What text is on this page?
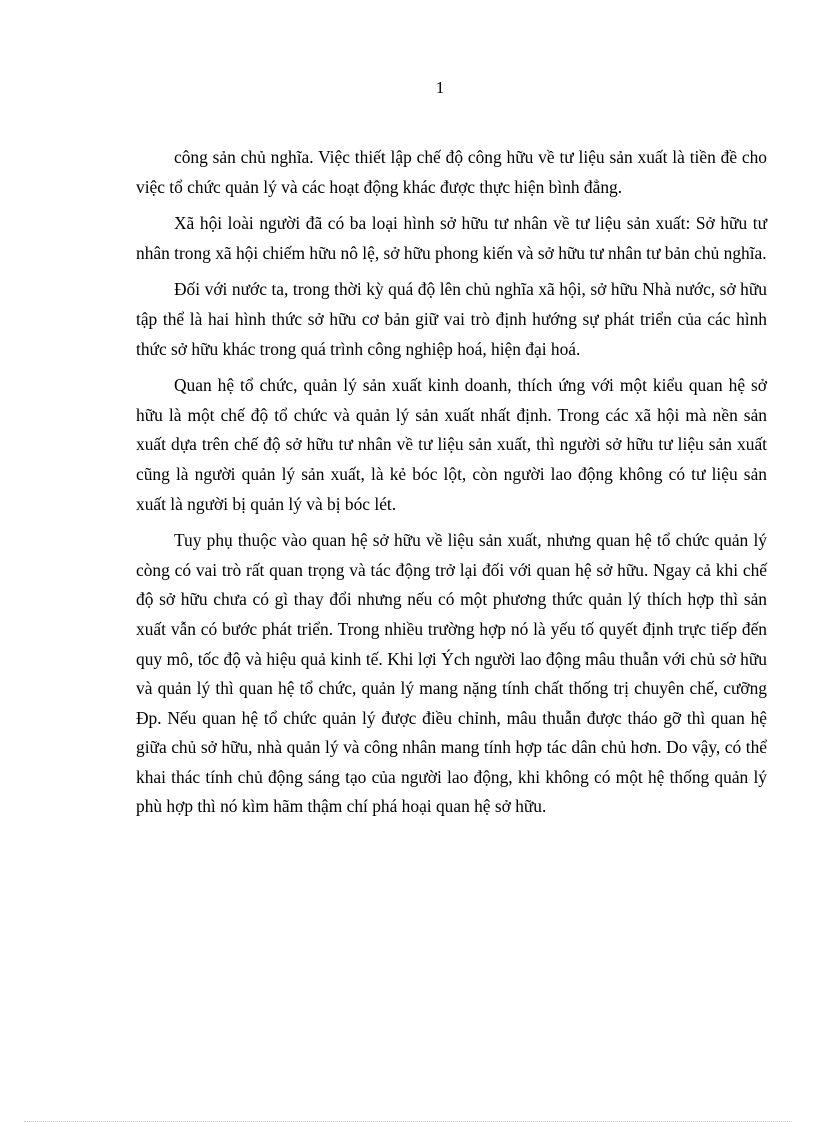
1

công sản chủ nghĩa. Việc thiết lập chế độ công hữu về tư liệu sản xuất là tiền đề cho việc tổ chức quản lý và các hoạt động khác được thực hiện bình đẳng.

Xã hội loài người đã có ba loại hình sở hữu tư nhân về tư liệu sản xuất: Sở hữu tư nhân trong xã hội chiếm hữu nô lệ, sở hữu phong kiến và sở hữu tư nhân tư bản chủ nghĩa.

Đối với nước ta, trong thời kỳ quá độ lên chủ nghĩa xã hội, sở hữu Nhà nước, sở hữu tập thể là hai hình thức sở hữu cơ bản giữ vai trò định hướng sự phát triển của các hình thức sở hữu khác trong quá trình công nghiệp hoá, hiện đại hoá.

Quan hệ tổ chức, quản lý sản xuất kinh doanh, thích ứng với một kiểu quan hệ sở hữu là một chế độ tổ chức và quản lý sản xuất nhất định. Trong các xã hội mà nền sản xuất dựa trên chế độ sở hữu tư nhân về tư liệu sản xuất, thì người sở hữu tư liệu sản xuất cũng là người quản lý sản xuất, là kẻ bóc lột, còn người lao động không có tư liệu sản xuất là người bị quản lý và bị bóc lét.

Tuy phụ thuộc vào quan hệ sở hữu về liệu sản xuất, nhưng quan hệ tổ chức quản lý còng có vai trò rất quan trọng và tác động trở lại đối với quan hệ sở hữu. Ngay cả khi chế độ sở hữu chưa có gì thay đổi nhưng nếu có một phương thức quản lý thích hợp thì sản xuất vẫn có bước phát triển. Trong nhiều trường hợp nó là yếu tố quyết định trực tiếp đến quy mô, tốc độ và hiệu quả kinh tế. Khi lợi Ých người lao động mâu thuẫn với chủ sở hữu và quản lý thì quan hệ tổ chức, quản lý mang nặng tính chất thống trị chuyên chế, cưỡng Đp. Nếu quan hệ tổ chức quản lý được điều chỉnh, mâu thuẫn được tháo gỡ thì quan hệ giữa chủ sở hữu, nhà quản lý và công nhân mang tính hợp tác dân chủ hơn. Do vậy, có thể khai thác tính chủ động sáng tạo của người lao động, khi không có một hệ thống quản lý phù hợp thì nó kìm hãm thậm chí phá hoại quan hệ sở hữu.
